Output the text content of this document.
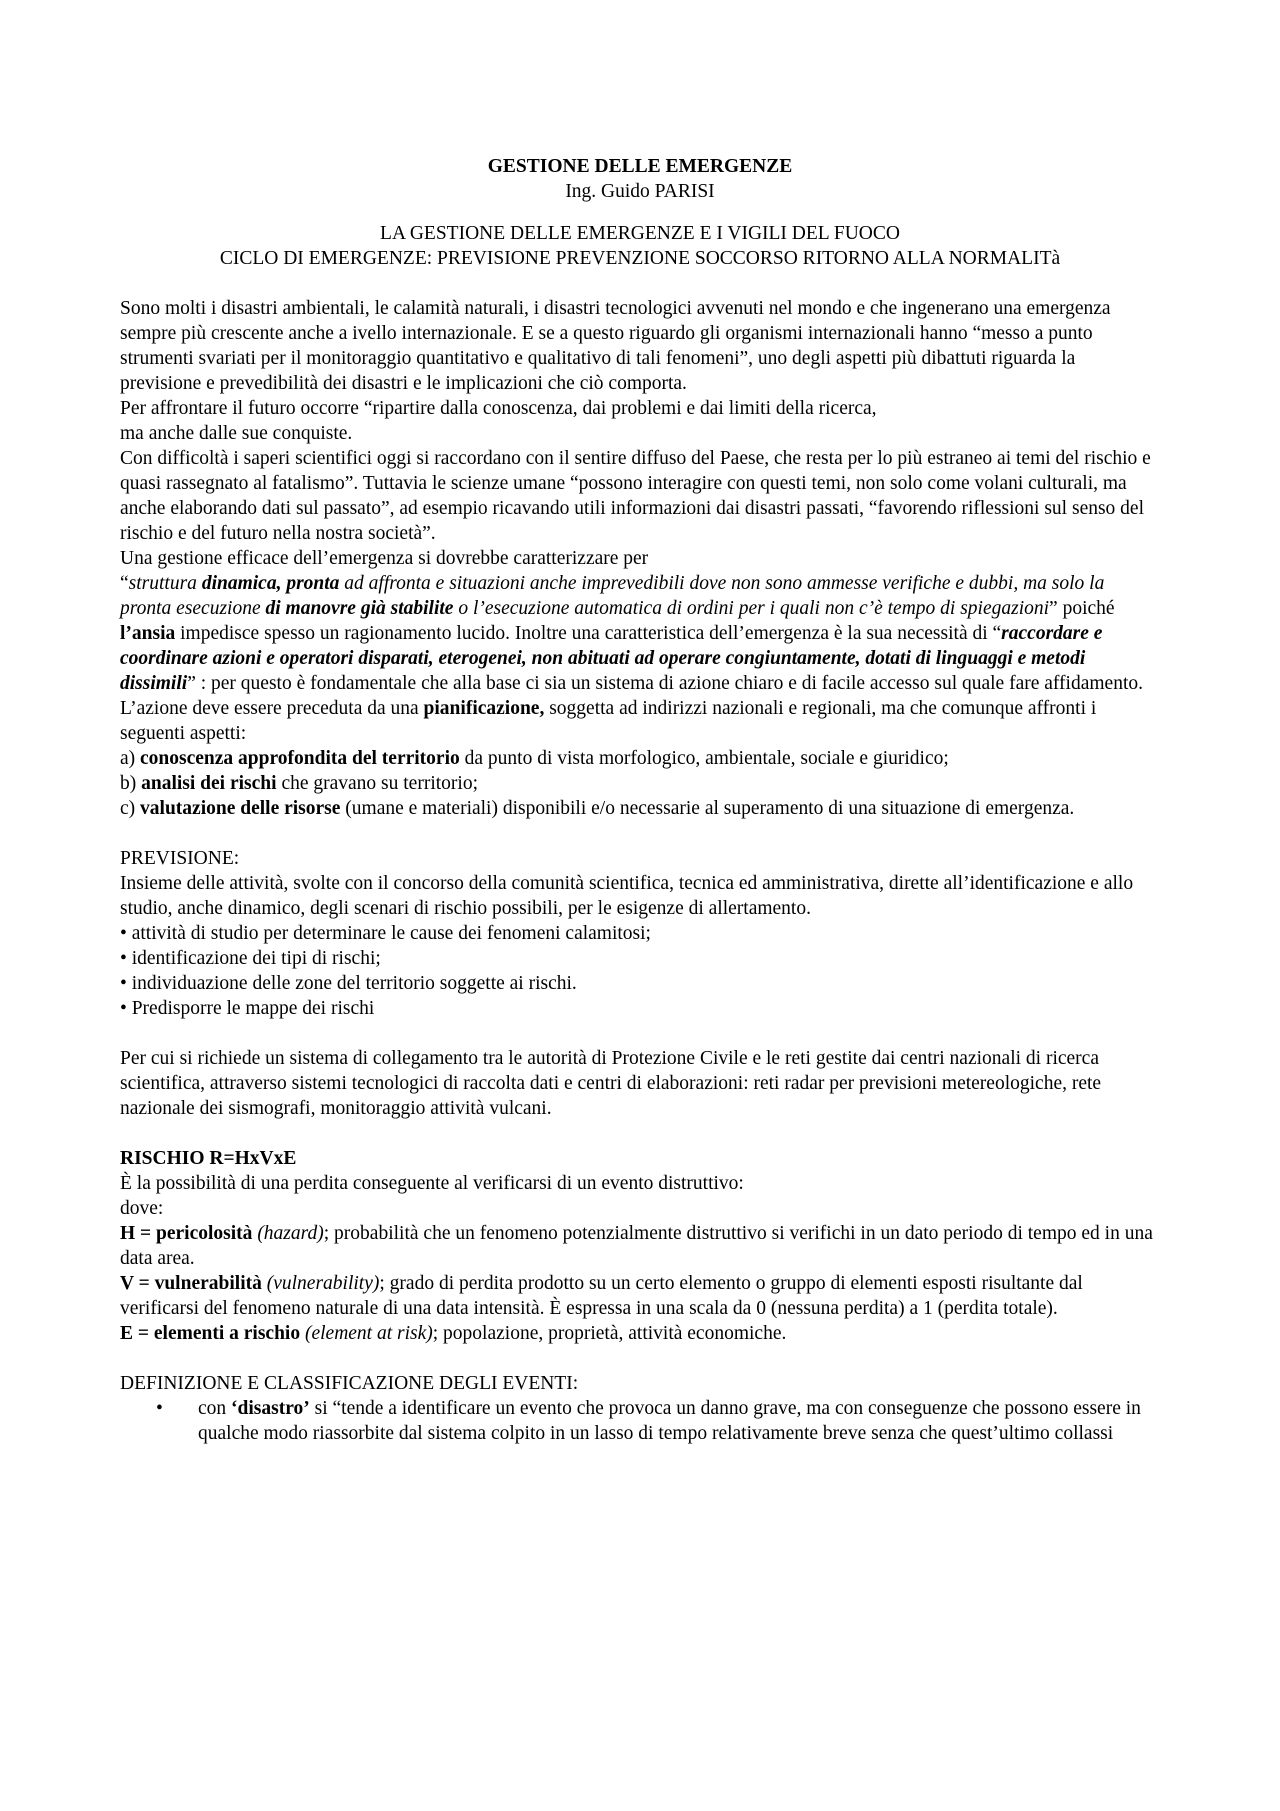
GESTIONE DELLE EMERGENZE

Ing. Guido PARISI

LA GESTIONE DELLE EMERGENZE E I VIGILI DEL FUOCO

CICLO DI EMERGENZE: PREVISIONE PREVENZIONE SOCCORSO RITORNO ALLA NORMALITà

Sono molti i disastri ambientali, le calamità naturali, i disastri tecnologici avvenuti nel mondo e che ingenerano una emergenza sempre più crescente anche a ivello internazionale. E se a questo riguardo gli organismi internazionali hanno “messo a punto strumenti svariati per il monitoraggio quantitativo e qualitativo di tali fenomeni”, uno degli aspetti più dibattuti riguarda la previsione e prevedibilità dei disastri e le implicazioni che ciò comporta.

Per affrontare il futuro occorre “ripartire dalla conoscenza, dai problemi e dai limiti della ricerca,

ma anche dalle sue conquiste.

Con difficoltà i saperi scientifici oggi si raccordano con il sentire diffuso del Paese, che resta per lo più estraneo ai temi del rischio e quasi rassegnato al fatalismo”. Tuttavia le scienze umane “possono interagire con questi temi, non solo come volani culturali, ma anche elaborando dati sul passato”, ad esempio ricavando utili informazioni dai disastri passati, “favorendo riflessioni sul senso del rischio e del futuro nella nostra società”.

Una gestione efficace dell’emergenza si dovrebbe caratterizzare per
“struttura dinamica, pronta ad affronta e situazioni anche imprevedibili dove non sono ammesse verifiche e dubbi, ma solo la pronta esecuzione di manovre già stabilite o l’esecuzione automatica di ordini per i quali non c’è tempo di spiegazioni” poiché l’ansia impedisce spesso un ragionamento lucido. Inoltre una caratteristica dell’emergenza è la sua necessità di “raccordare e coordinare azioni e operatori disparati, eterogenei, non abituati ad operare congiuntamente, dotati di linguaggi e metodi dissimili” : per questo è fondamentale che alla base ci sia un sistema di azione chiaro e di facile accesso sul quale fare affidamento.

L’azione deve essere preceduta da una pianificazione, soggetta ad indirizzi nazionali e regionali, ma che comunque affronti i seguenti aspetti:

a) conoscenza approfondita del territorio da punto di vista morfologico, ambientale, sociale e giuridico;

b) analisi dei rischi che gravano su territorio;

c) valutazione delle risorse (umane e materiali) disponibili e/o necessarie al superamento di una situazione di emergenza.

PREVISIONE:

Insieme delle attività, svolte con il concorso della comunità scientifica, tecnica ed amministrativa, dirette all’identificazione e allo studio, anche dinamico, degli scenari di rischio possibili, per le esigenze di allertamento.

• attività di studio per determinare le cause dei fenomeni calamitosi;

• identificazione dei tipi di rischi;

• individuazione delle zone del territorio soggette ai rischi.

• Predisporre le mappe dei rischi

Per cui si richiede un sistema di collegamento tra le autorità di Protezione Civile e le reti gestite dai centri nazionali di ricerca scientifica, attraverso sistemi tecnologici di raccolta dati e centri di elaborazioni: reti radar per previsioni metereologiche, rete nazionale dei sismografi, monitoraggio attività vulcani.

RISCHIO R=HxVxE

È la possibilità di una perdita conseguente al verificarsi di un evento distruttivo:

dove:

H = pericolosità (hazard); probabilità che un fenomeno potenzialmente distruttivo si verifichi in un dato periodo di tempo ed in una data area.

V = vulnerabilità (vulnerability); grado di perdita prodotto su un certo elemento o gruppo di elementi esposti risultante dal verificarsi del fenomeno naturale di una data intensità. È espressa in una scala da 0 (nessuna perdita) a 1 (perdita totale).

E = elementi a rischio (element at risk); popolazione, proprietà, attività economiche.

DEFINIZIONE E CLASSIFICAZIONE DEGLI EVENTI:

• con ‘disastro’ si “tende a identificare un evento che provoca un danno grave, ma con conseguenze che possono essere in qualche modo riassorbite dal sistema colpito in un lasso di tempo relativamente breve senza che quest’ultimo collassi
